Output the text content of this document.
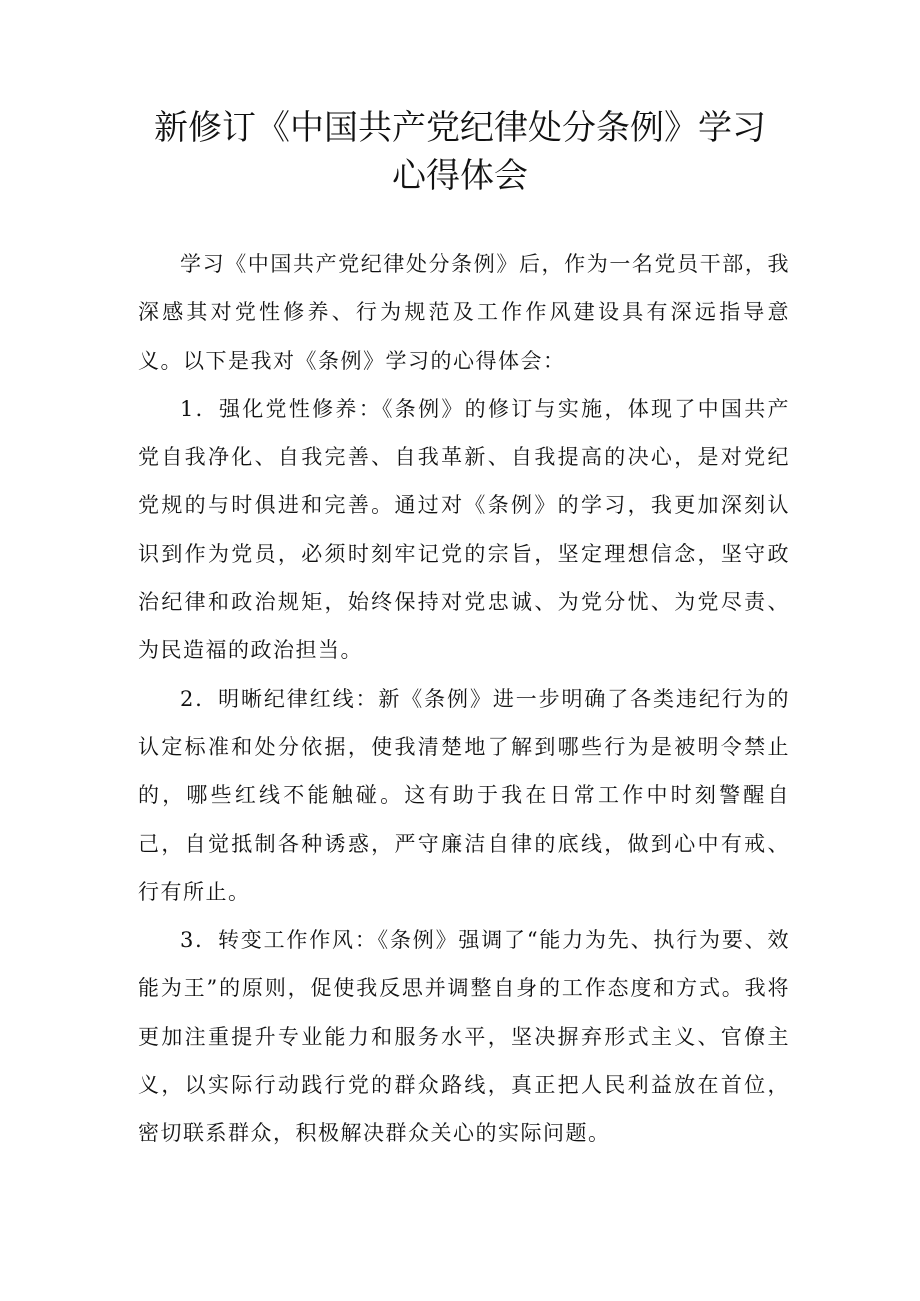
新修订《中国共产党纪律处分条例》学习
心得体会

学习《中国共产党纪律处分条例》后，作为一名党员干部，我深感其对党性修养、行为规范及工作作风建设具有深远指导意义。以下是我对《条例》学习的心得体会：

1．强化党性修养：《条例》的修订与实施，体现了中国共产党自我净化、自我完善、自我革新、自我提高的决心，是对党纪党规的与时俱进和完善。通过对《条例》的学习，我更加深刻认识到作为党员，必须时刻牢记党的宗旨，坚定理想信念，坚守政治纪律和政治规矩，始终保持对党忠诚、为党分忧、为党尽责、为民造福的政治担当。

2．明晰纪律红线：新《条例》进一步明确了各类违纪行为的认定标准和处分依据，使我清楚地了解到哪些行为是被明令禁止的，哪些红线不能触碰。这有助于我在日常工作中时刻警醒自己，自觉抵制各种诱惑，严守廉洁自律的底线，做到心中有戒、行有所止。

3．转变工作作风：《条例》强调了“能力为先、执行为要、效能为王”的原则，促使我反思并调整自身的工作态度和方式。我将更加注重提升专业能力和服务水平，坚决摒弃形式主义、官僚主义，以实际行动践行党的群众路线，真正把人民利益放在首位，密切联系群众，积极解决群众关心的实际问题。
